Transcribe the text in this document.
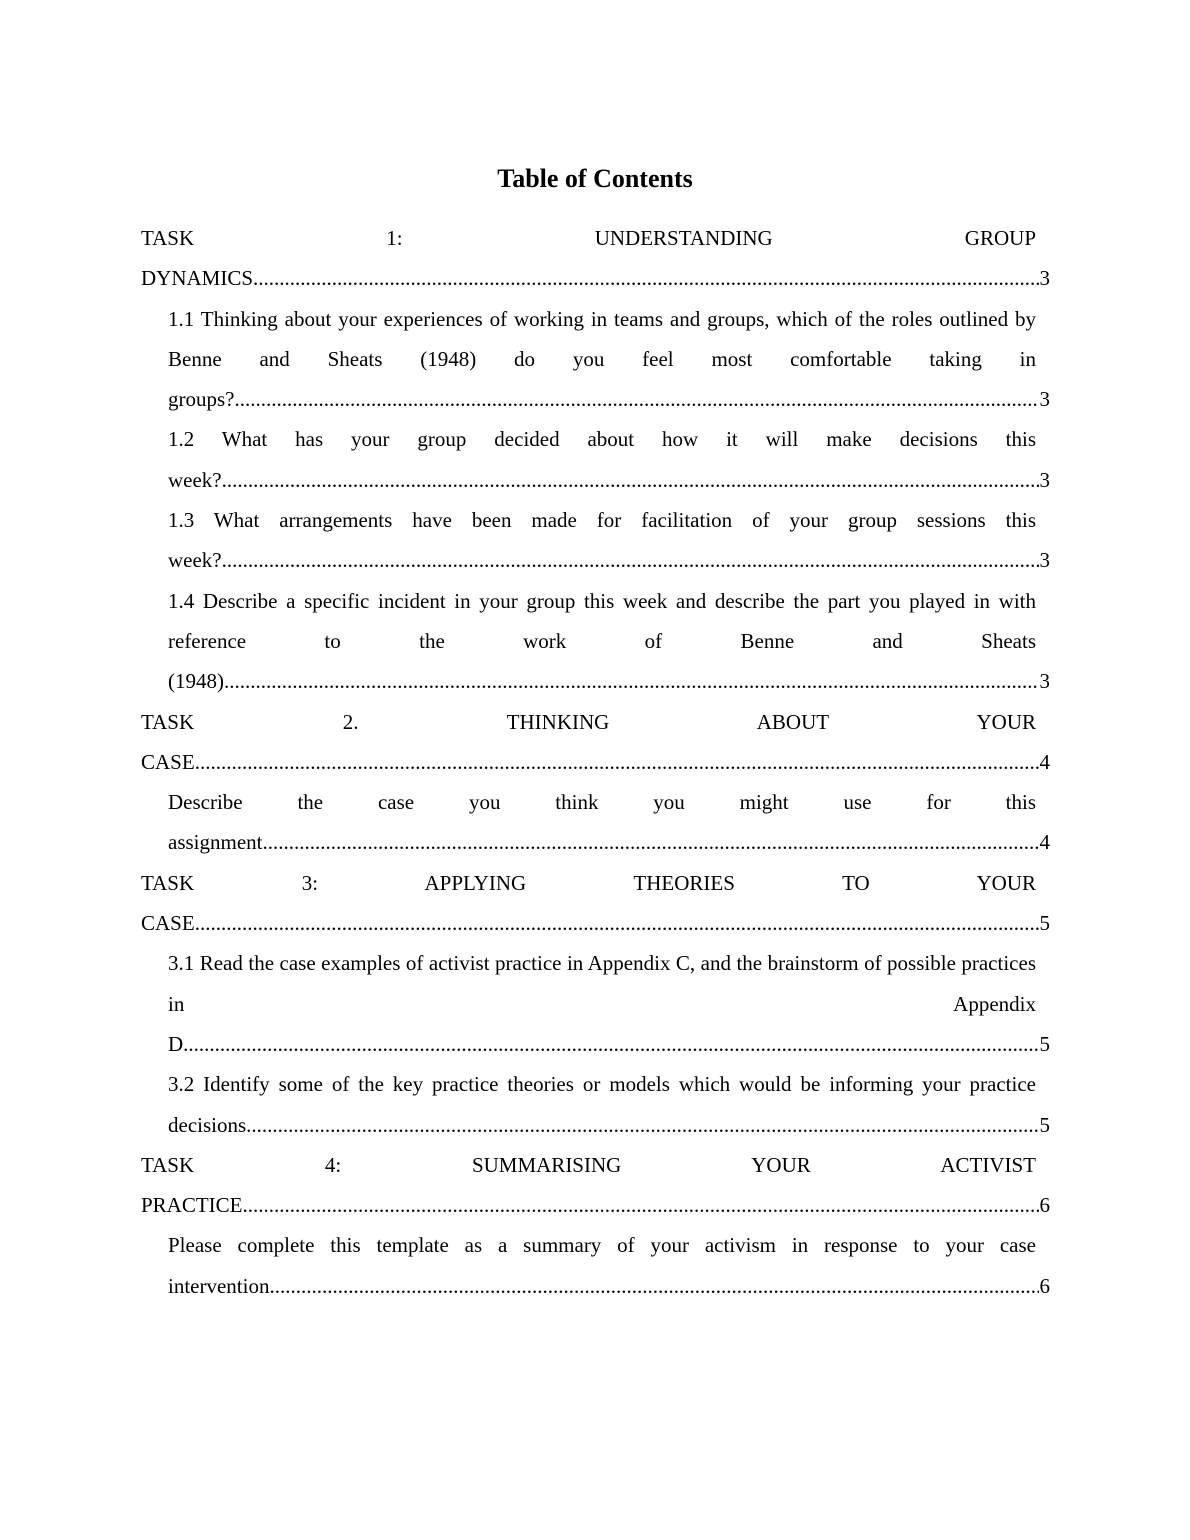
Table of Contents
TASK 1: UNDERSTANDING GROUP DYNAMICS .....	3
1.1 Thinking about your experiences of working in teams and groups, which of the roles outlined by Benne and Sheats (1948) do you feel most comfortable taking in groups? .....	3
1.2 What has your group decided about how it will make decisions this week? .....	3
1.3 What arrangements have been made for facilitation of your group sessions this week? .....	3
1.4 Describe a specific incident in your group this week and describe the part you played in with reference to the work of Benne and Sheats (1948) .....	3
TASK 2. THINKING ABOUT YOUR CASE .....	4
Describe the case you think you might use for this assignment .....	4
TASK 3: APPLYING THEORIES TO YOUR CASE .....	5
3.1 Read the case examples of activist practice in Appendix C, and the brainstorm of possible practices in Appendix D .....	5
3.2 Identify some of the key practice theories or models which would be informing your practice decisions .....	5
TASK 4: SUMMARISING YOUR ACTIVIST PRACTICE .....	6
Please complete this template as a summary of your activism in response to your case intervention .....	6
